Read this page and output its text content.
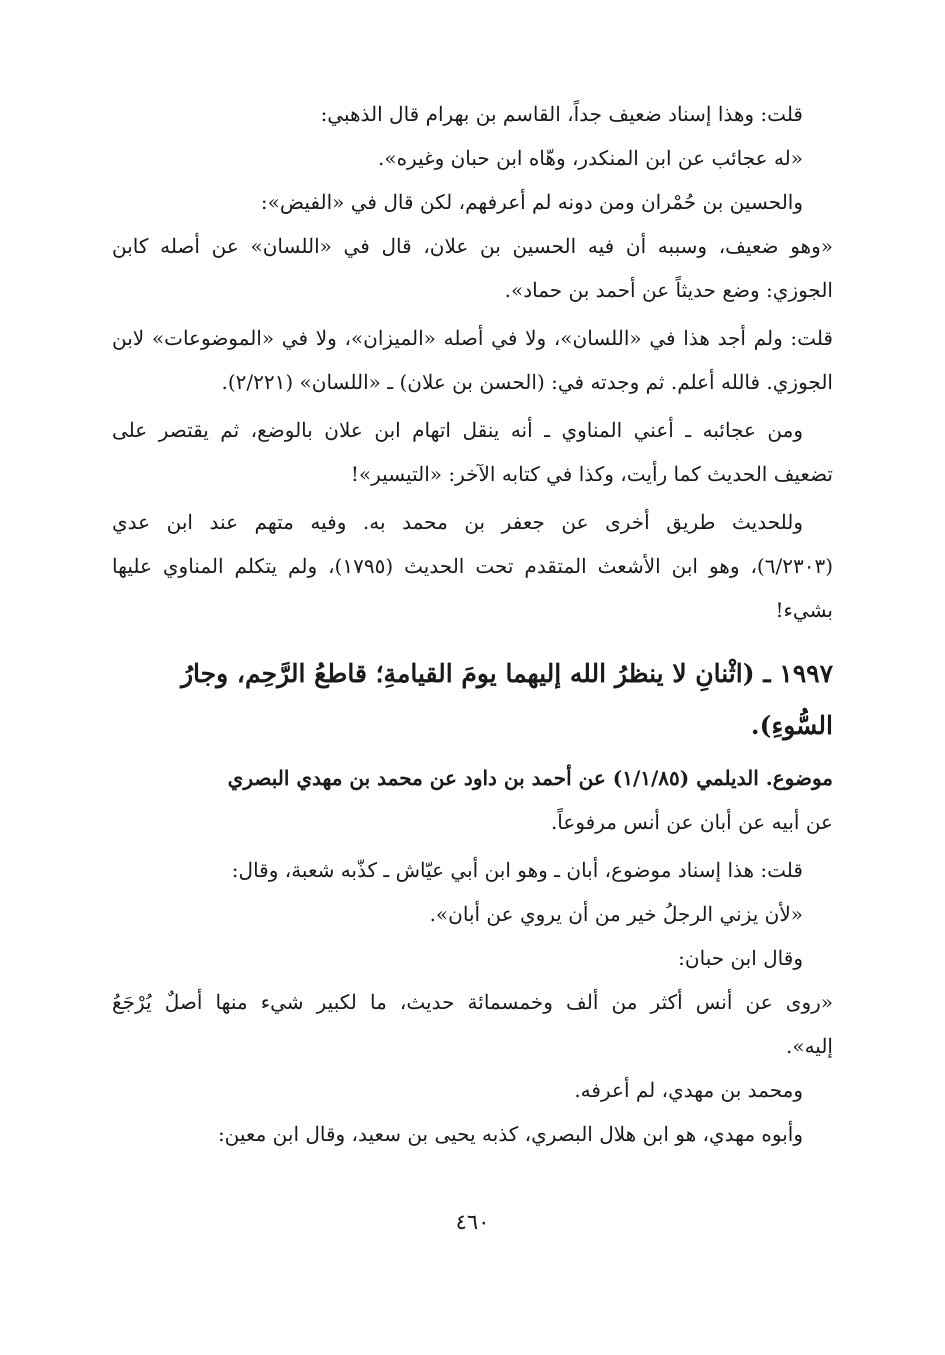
قلت: وهذا إسناد ضعيف جداً، القاسم بن بهرام قال الذهبي:
«له عجائب عن ابن المنكدر، وهّاه ابن حبان وغيره».
والحسين بن حُمْران ومن دونه لم أعرفهم، لكن قال في «الفيض»:
«وهو ضعيف، وسببه أن فيه الحسين بن علان، قال في «اللسان» عن أصله كابن
الجوزي: وضع حديثاً عن أحمد بن حماد».
قلت: ولم أجد هذا في «اللسان»، ولا في أصله «الميزان»، ولا في «الموضوعات» لابن
الجوزي. فالله أعلم. ثم وجدته في: (الحسن بن علان) ـ «اللسان» (٢/٢٢١).
ومن عجائبه ـ أعني المناوي ـ أنه ينقل اتهام ابن علان بالوضع، ثم يقتصر على
تضعيف الحديث كما رأيت، وكذا في كتابه الآخر: «التيسير»!
وللحديث طريق أخرى عن جعفر بن محمد به. وفيه متهم عند ابن عدي
(٦/٢٣٠٣)، وهو ابن الأشعث المتقدم تحت الحديث (١٧٩٥)، ولم يتكلم المناوي عليها
بشيء!
١٩٩٧ ـ (اثْنانِ لا ينظرُ الله إليهما يومَ القيامةِ؛ قاطعُ الرَّحِم، وجارُ
السُّوءِ).
موضوع. الديلمي (١/١/٨٥) عن أحمد بن داود عن محمد بن مهدي البصري
عن أبيه عن أبان عن أنس مرفوعاً.
قلت: هذا إسناد موضوع، أبان ـ وهو ابن أبي عيّاش ـ كذّبه شعبة، وقال:
«لأن يزني الرجلُ خير من أن يروي عن أبان».
وقال ابن حبان:
«روى عن أنس أكثر من ألف وخمسمائة حديث، ما لكبير شيء منها أصلٌ يُرْجَعُ
إليه».
ومحمد بن مهدي، لم أعرفه.
وأبوه مهدي، هو ابن هلال البصري، كذبه يحيى بن سعيد، وقال ابن معين:
٤٦٠
